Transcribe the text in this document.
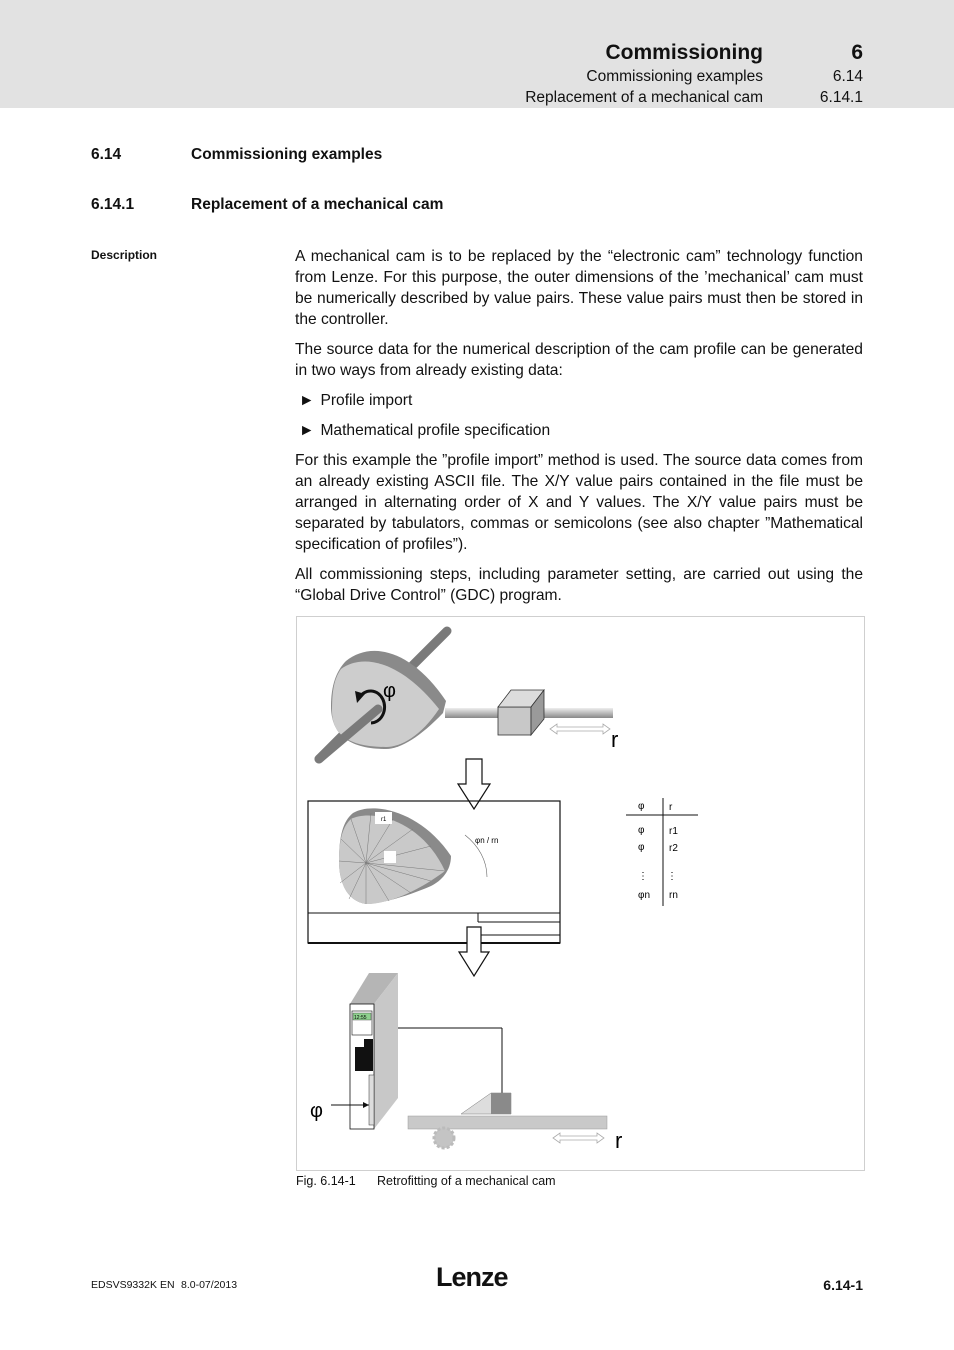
Commissioning	6
Commissioning examples	6.14
Replacement of a mechanical cam	6.14.1
6.14	Commissioning examples
6.14.1	Replacement of a mechanical cam
Description	A mechanical cam is to be replaced by the “electronic cam” technology function from Lenze. For this purpose, the outer dimensions of the ’mechanical’ cam must be numerically described by value pairs. These value pairs must then be stored in the controller.

The source data for the numerical description of the cam profile can be generated in two ways from already existing data:

► Profile import
► Mathematical profile specification

For this example the ”profile import” method is used. The source data comes from an already existing ASCII file. The X/Y value pairs contained in the file must be arranged in alternating order of X and Y values. The X/Y value pairs must be separated by tabulators, commas or semicolons (see also chapter ”Mathematical specification of profiles”).

All commissioning steps, including parameter setting, are carried out using the “Global Drive Control” (GDC) program.

φ
r
r1
φn / rn
φ r
φ r1
φ r2
⋮ ⋮
φn rn
12:55
φ
r
Fig. 6.14-1 Retrofitting of a mechanical cam
EDSVS9332K EN 8.0-07/2013	Lenze	6.14-1
